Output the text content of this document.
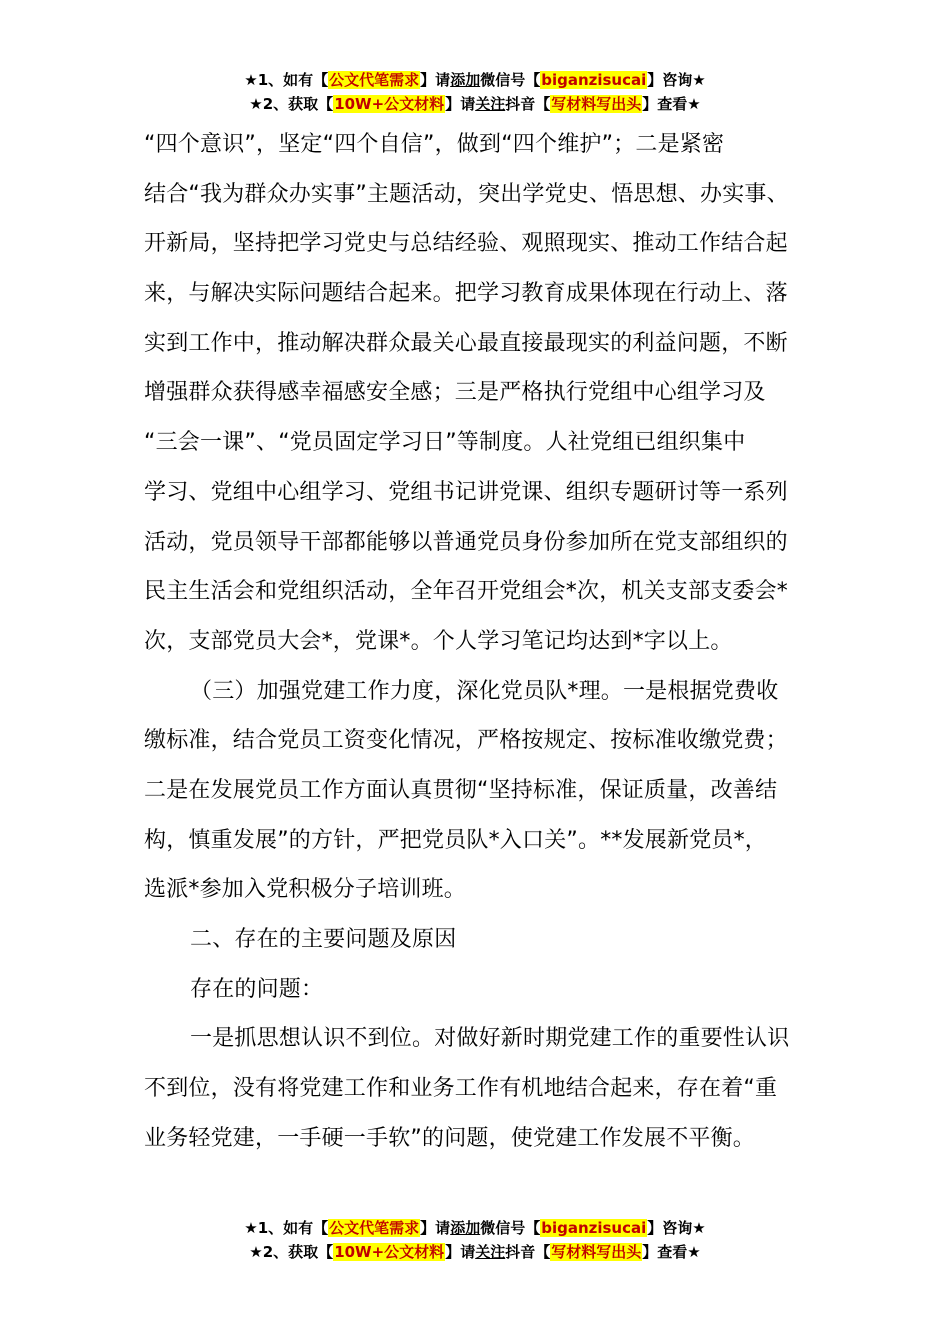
★1、如有【公文代笔需求】请添加微信号【biganzisucai】咨询★
★2、获取【10W+公文材料】请关注抖音【写材料写出头】查看★
“四个意识”，坚定“四个自信”，做到“四个维护”；二是紧密
结合“我为群众办实事”主题活动，突出学党史、悟思想、办实事、
开新局，坚持把学习党史与总结经验、观照现实、推动工作结合起
来，与解决实际问题结合起来。把学习教育成果体现在行动上、落
实到工作中，推动解决群众最关心最直接最现实的利益问题，不断
增强群众获得感幸福感安全感；三是严格执行党组中心组学习及
“三会一课”、“党员固定学习日”等制度。人社党组已组织集中
学习、党组中心组学习、党组书记讲党课、组织专题研讨等一系列
活动，党员领导干部都能够以普通党员身份参加所在党支部组织的
民主生活会和党组织活动，全年召开党组会*次，机关支部支委会*
次，支部党员大会*，党课*。个人学习笔记均达到*字以上。
（三）加强党建工作力度，深化党员队*理。一是根据党费收
缴标准，结合党员工资变化情况，严格按规定、按标准收缴党费；
二是在发展党员工作方面认真贯彻“坚持标准，保证质量，改善结
构，慎重发展”的方针，严把党员队*入口关”。**发展新党员*，
选派*参加入党积极分子培训班。
二、存在的主要问题及原因
存在的问题：
一是抓思想认识不到位。对做好新时期党建工作的重要性认识
不到位，没有将党建工作和业务工作有机地结合起来，存在着“重
业务轻党建，一手硬一手软”的问题，使党建工作发展不平衡。
★1、如有【公文代笔需求】请添加微信号【biganzisucai】咨询★
★2、获取【10W+公文材料】请关注抖音【写材料写出头】查看★
